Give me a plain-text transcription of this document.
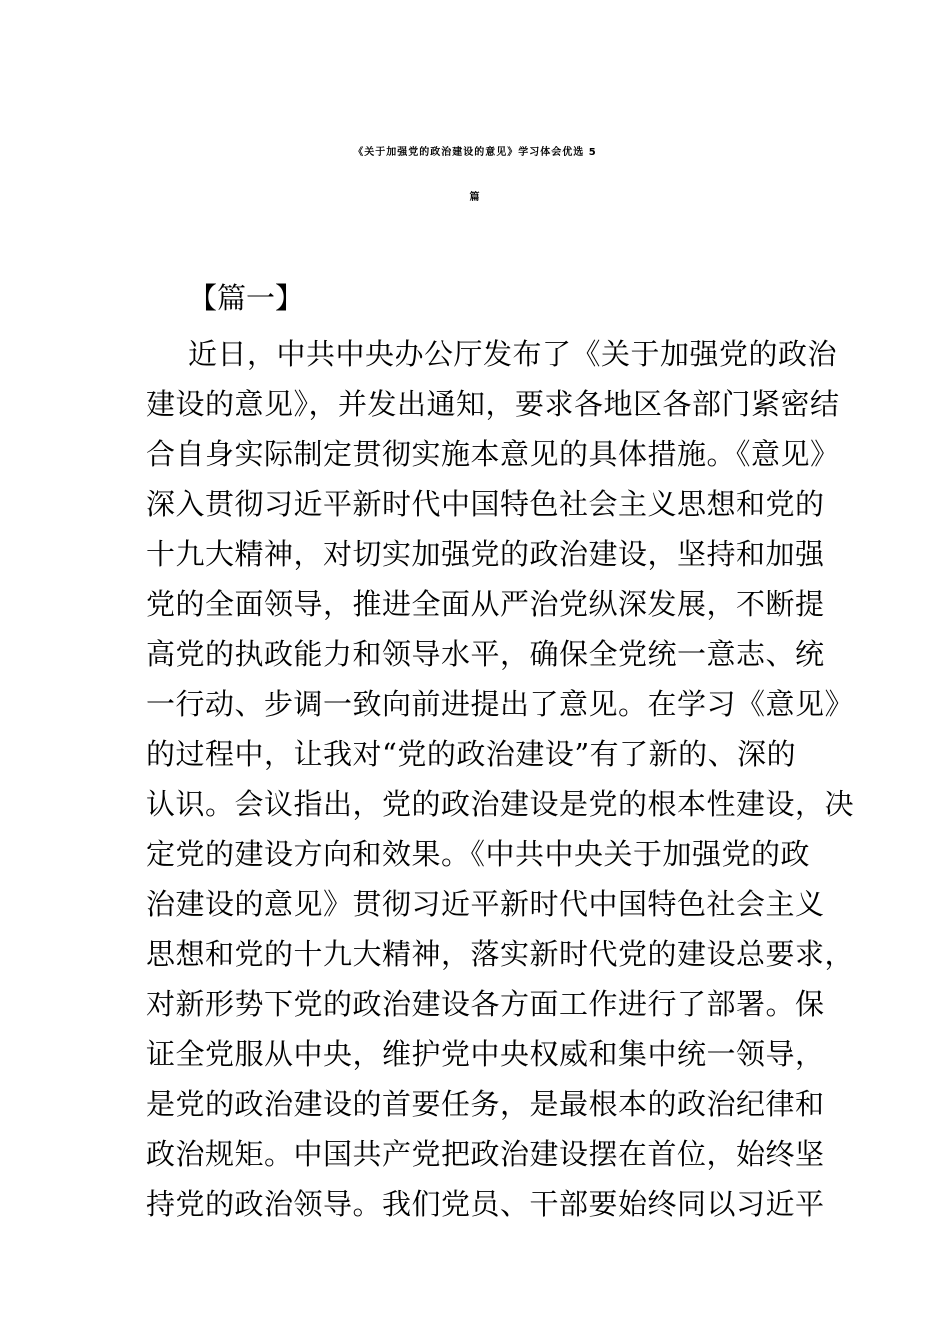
《关于加强党的政治建设的意见》学习体会优选 5
篇
【篇一】
近日，中共中央办公厅发布了《关于加强党的政治
建设的意见》，并发出通知，要求各地区各部门紧密结
合自身实际制定贯彻实施本意见的具体措施。《意见》
深入贯彻习近平新时代中国特色社会主义思想和党的
十九大精神，对切实加强党的政治建设，坚持和加强
党的全面领导，推进全面从严治党纵深发展，不断提
高党的执政能力和领导水平，确保全党统一意志、统
一行动、步调一致向前进提出了意见。在学习《意见》
的过程中，让我对“党的政治建设”有了新的、深的
认识。会议指出，党的政治建设是党的根本性建设，决
定党的建设方向和效果。《中共中央关于加强党的政
治建设的意见》贯彻习近平新时代中国特色社会主义
思想和党的十九大精神，落实新时代党的建设总要求，
对新形势下党的政治建设各方面工作进行了部署。保
证全党服从中央，维护党中央权威和集中统一领导，
是党的政治建设的首要任务，是最根本的政治纪律和
政治规矩。中国共产党把政治建设摆在首位，始终坚
持党的政治领导。我们党员、干部要始终同以习近平
